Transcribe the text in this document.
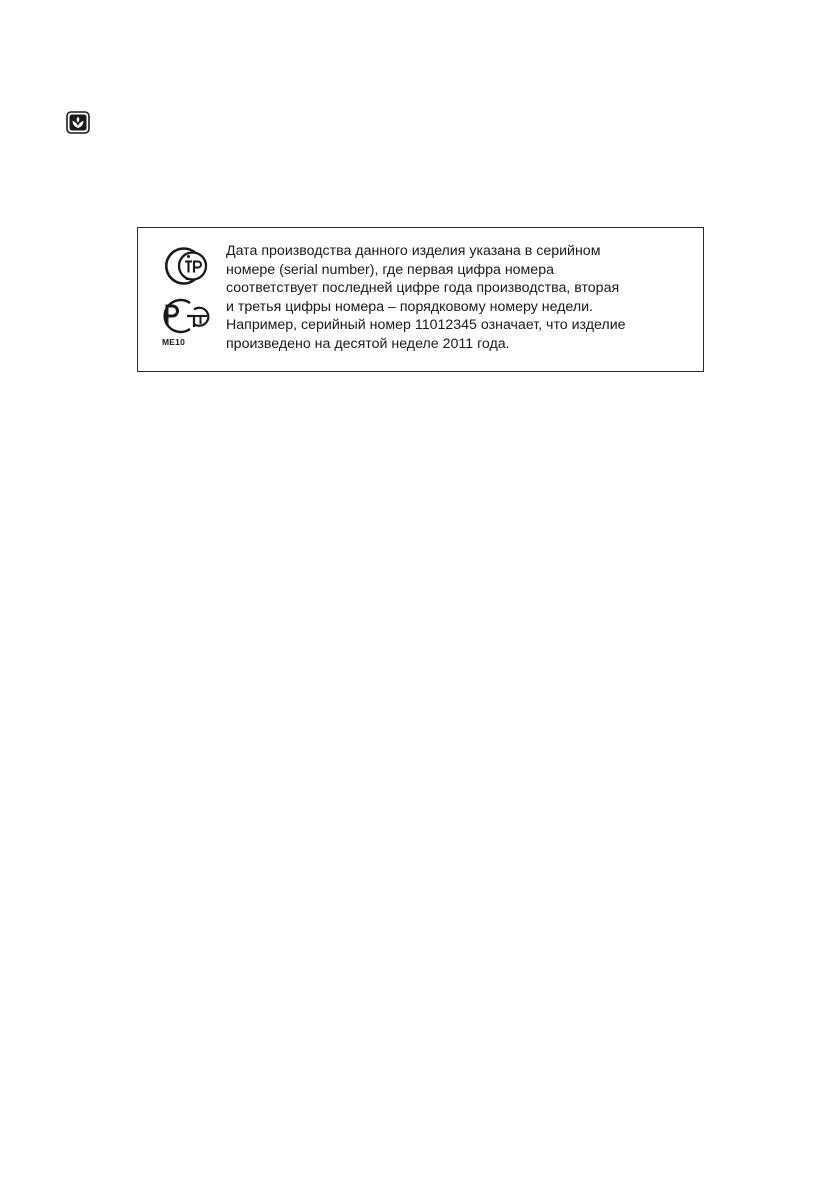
ME10
Дата производства данного изделия указана в серийном
номере (serial number), где первая цифра номера
соответствует последней цифре года производства, вторая
и третья цифры номера – порядковому номеру недели.
Например, серийный номер 11012345 означает, что изделие
произведено на десятой неделе 2011 года.
